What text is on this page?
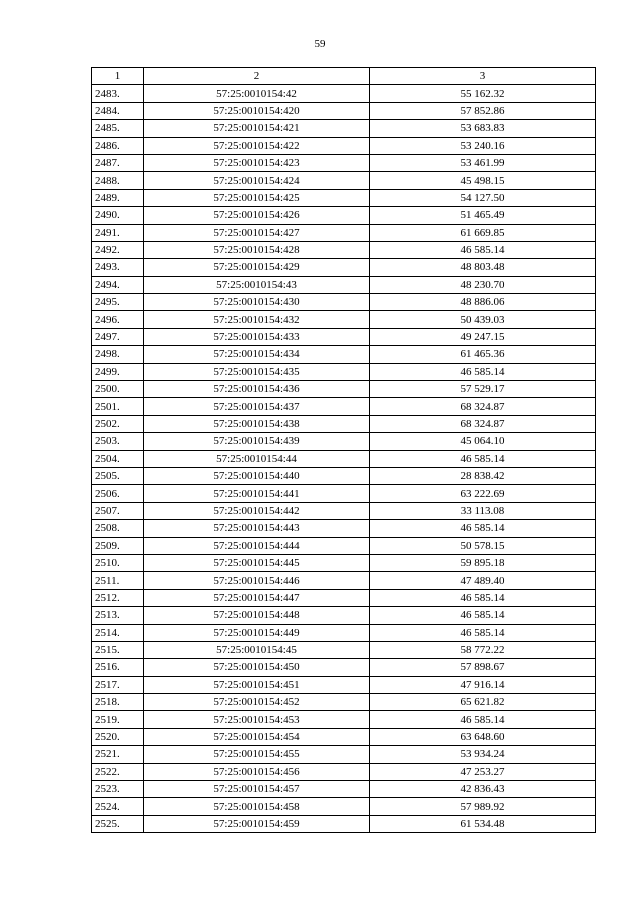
59
1	2	3
2483.	57:25:0010154:42	55 162.32
2484.	57:25:0010154:420	57 852.86
2485.	57:25:0010154:421	53 683.83
2486.	57:25:0010154:422	53 240.16
2487.	57:25:0010154:423	53 461.99
2488.	57:25:0010154:424	45 498.15
2489.	57:25:0010154:425	54 127.50
2490.	57:25:0010154:426	51 465.49
2491.	57:25:0010154:427	61 669.85
2492.	57:25:0010154:428	46 585.14
2493.	57:25:0010154:429	48 803.48
2494.	57:25:0010154:43	48 230.70
2495.	57:25:0010154:430	48 886.06
2496.	57:25:0010154:432	50 439.03
2497.	57:25:0010154:433	49 247.15
2498.	57:25:0010154:434	61 465.36
2499.	57:25:0010154:435	46 585.14
2500.	57:25:0010154:436	57 529.17
2501.	57:25:0010154:437	68 324.87
2502.	57:25:0010154:438	68 324.87
2503.	57:25:0010154:439	45 064.10
2504.	57:25:0010154:44	46 585.14
2505.	57:25:0010154:440	28 838.42
2506.	57:25:0010154:441	63 222.69
2507.	57:25:0010154:442	33 113.08
2508.	57:25:0010154:443	46 585.14
2509.	57:25:0010154:444	50 578.15
2510.	57:25:0010154:445	59 895.18
2511.	57:25:0010154:446	47 489.40
2512.	57:25:0010154:447	46 585.14
2513.	57:25:0010154:448	46 585.14
2514.	57:25:0010154:449	46 585.14
2515.	57:25:0010154:45	58 772.22
2516.	57:25:0010154:450	57 898.67
2517.	57:25:0010154:451	47 916.14
2518.	57:25:0010154:452	65 621.82
2519.	57:25:0010154:453	46 585.14
2520.	57:25:0010154:454	63 648.60
2521.	57:25:0010154:455	53 934.24
2522.	57:25:0010154:456	47 253.27
2523.	57:25:0010154:457	42 836.43
2524.	57:25:0010154:458	57 989.92
2525.	57:25:0010154:459	61 534.48
